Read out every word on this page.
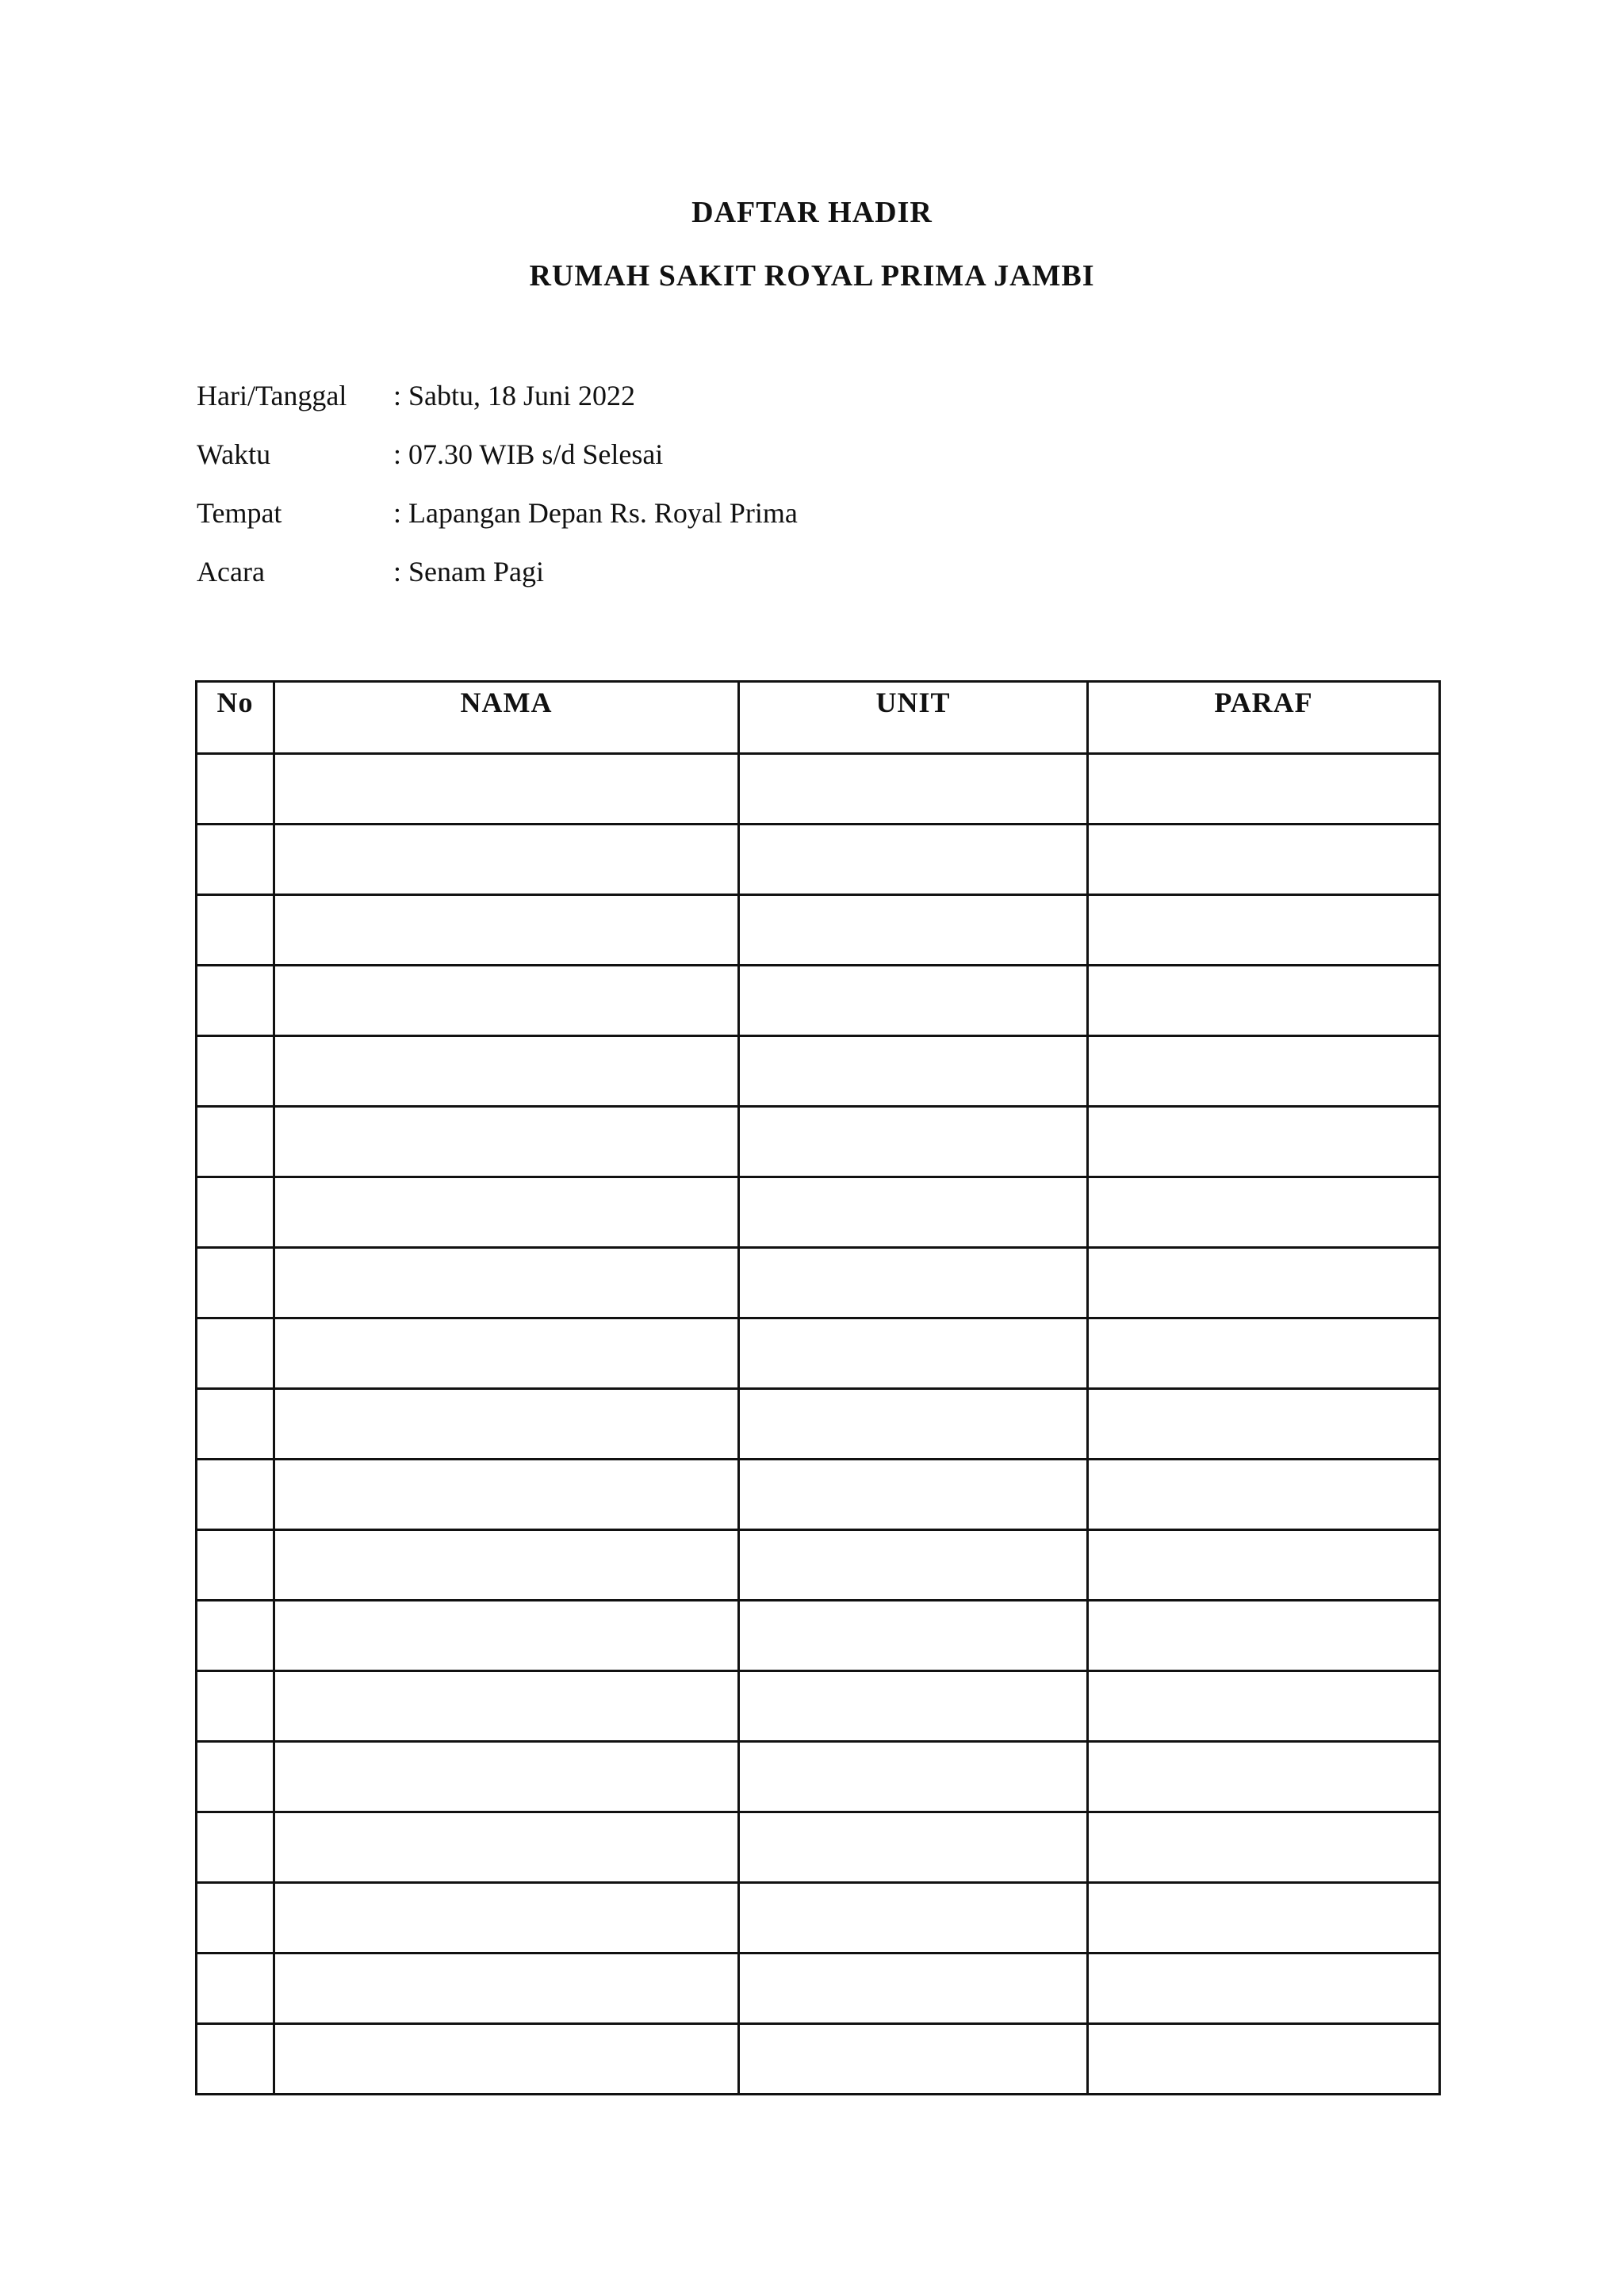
DAFTAR HADIR
RUMAH SAKIT ROYAL PRIMA JAMBI
Hari/Tanggal	: Sabtu, 18 Juni 2022
Waktu	: 07.30 WIB s/d Selesai
Tempat	: Lapangan Depan Rs. Royal Prima
Acara	: Senam Pagi
No	NAMA	UNIT	PARAF
